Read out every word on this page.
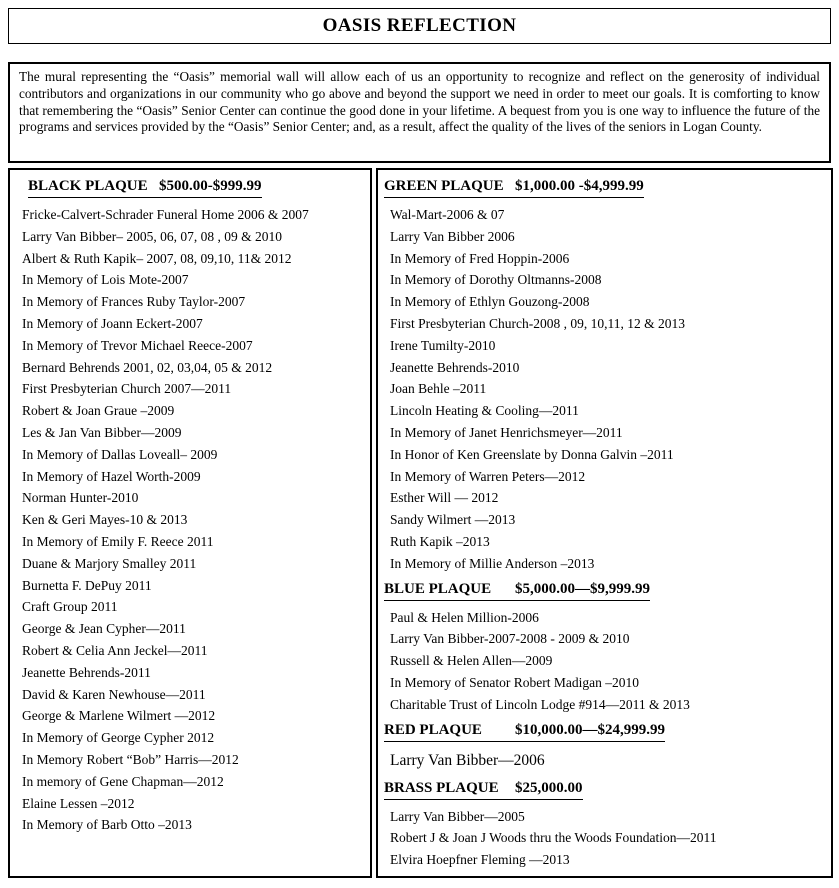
OASIS REFLECTION

The mural representing the “Oasis” memorial wall will allow each of us an opportunity to recognize and reflect on the generosity of individual contributors and organizations in our community who go above and beyond the support we need in order to meet our goals. It is comforting to know that remembering the “Oasis” Senior Center can continue the good done in your lifetime. A bequest from you is one way to influence the future of the programs and services provided by the “Oasis” Senior Center; and, as a result, affect the quality of the lives of the seniors in Logan County.

BLACK PLAQUE $500.00-$999.99
Fricke-Calvert-Schrader Funeral Home 2006 & 2007
Larry Van Bibber– 2005, 06, 07, 08 , 09 & 2010
Albert & Ruth Kapik– 2007, 08, 09,10, 11& 2012
In Memory of Lois Mote-2007
In Memory of Frances Ruby Taylor-2007
In Memory of Joann Eckert-2007
In Memory of Trevor Michael Reece-2007
Bernard Behrends 2001, 02, 03,04, 05 & 2012
First Presbyterian Church 2007—2011
Robert & Joan Graue –2009
Les & Jan Van Bibber—2009
In Memory of Dallas Loveall– 2009
In Memory of Hazel Worth-2009
Norman Hunter-2010
Ken & Geri Mayes-10 & 2013
In Memory of Emily F. Reece 2011
Duane & Marjory Smalley 2011
Burnetta F. DePuy 2011
Craft Group 2011
George & Jean Cypher—2011
Robert & Celia Ann Jeckel—2011
Jeanette Behrends-2011
David & Karen Newhouse—2011
George & Marlene Wilmert —2012
In Memory of George Cypher 2012
In Memory Robert “Bob” Harris—2012
In memory of Gene Chapman—2012
Elaine Lessen –2012
In Memory of Barb Otto –2013
GREEN PLAQUE $1,000.00 -$4,999.99
Wal-Mart-2006 & 07
Larry Van Bibber 2006
In Memory of Fred Hoppin-2006
In Memory of Dorothy Oltmanns-2008
In Memory of Ethlyn Gouzong-2008
First Presbyterian Church-2008 , 09, 10,11, 12 & 2013
Irene Tumilty-2010
Jeanette Behrends-2010
Joan Behle –2011
Lincoln Heating & Cooling—2011
In Memory of Janet Henrichsmeyer—2011
In Honor of Ken Greenslate by Donna Galvin –2011
In Memory of Warren Peters—2012
Esther Will — 2012
Sandy Wilmert —2013
Ruth Kapik –2013
In Memory of Millie Anderson –2013
BLUE PLAQUE	$5,000.00—$9,999.99
Paul & Helen Million-2006
Larry Van Bibber-2007-2008 - 2009 & 2010
Russell & Helen Allen—2009
In Memory of Senator Robert Madigan –2010
Charitable Trust of Lincoln Lodge #914—2011 & 2013
RED PLAQUE	$10,000.00—$24,999.99
Larry Van Bibber—2006
BRASS PLAQUE	$25,000.00
Larry Van Bibber—2005
Robert J & Joan J Woods thru the Woods Foundation—2011
Elvira Hoepfner Fleming —2013
